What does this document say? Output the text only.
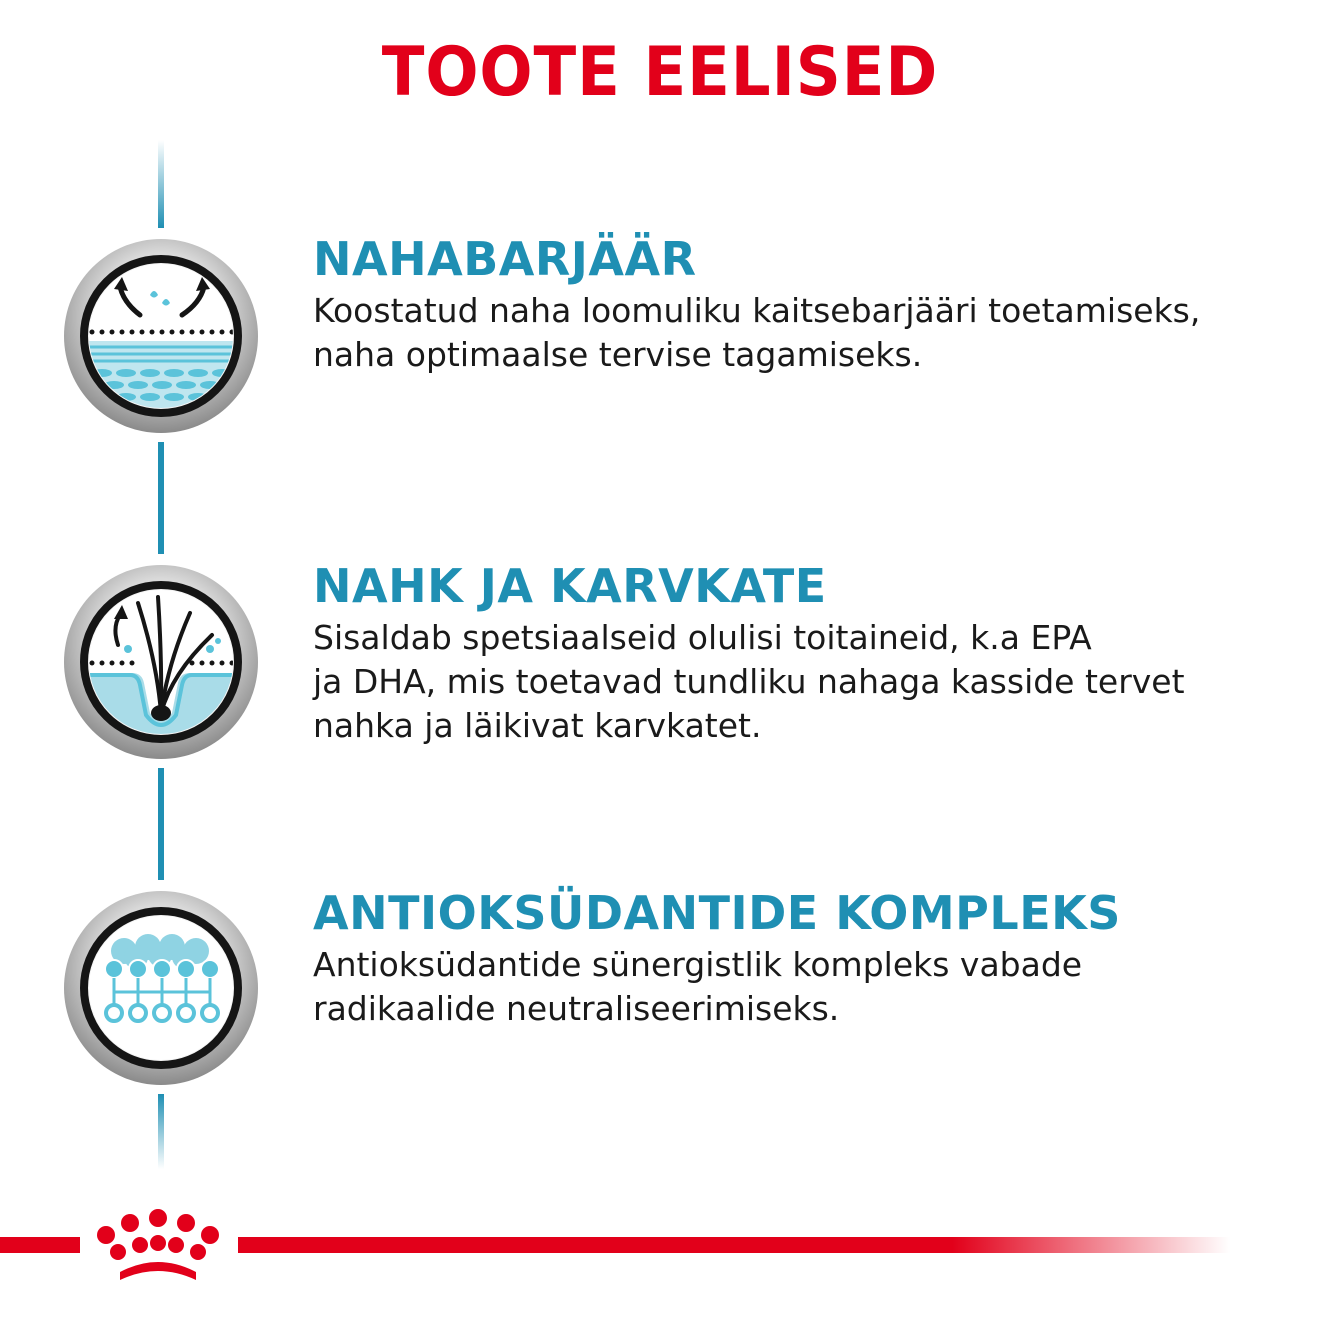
TOOTE EELISED
NAHABARJÄÄR

Koostatud naha loomuliku kaitsebarjääri toetamiseks,
naha optimaalse tervise tagamiseks.

NAHK JA KARVKATE

Sisaldab spetsiaalseid olulisi toitaineid, k.a EPA
ja DHA, mis toetavad tundliku nahaga kasside tervet
nahka ja läikivat karvkatet.

ANTIOKSÜDANTIDE KOMPLEKS

Antioksüdantide sünergistlik kompleks vabade
radikaalide neutraliseerimiseks.
